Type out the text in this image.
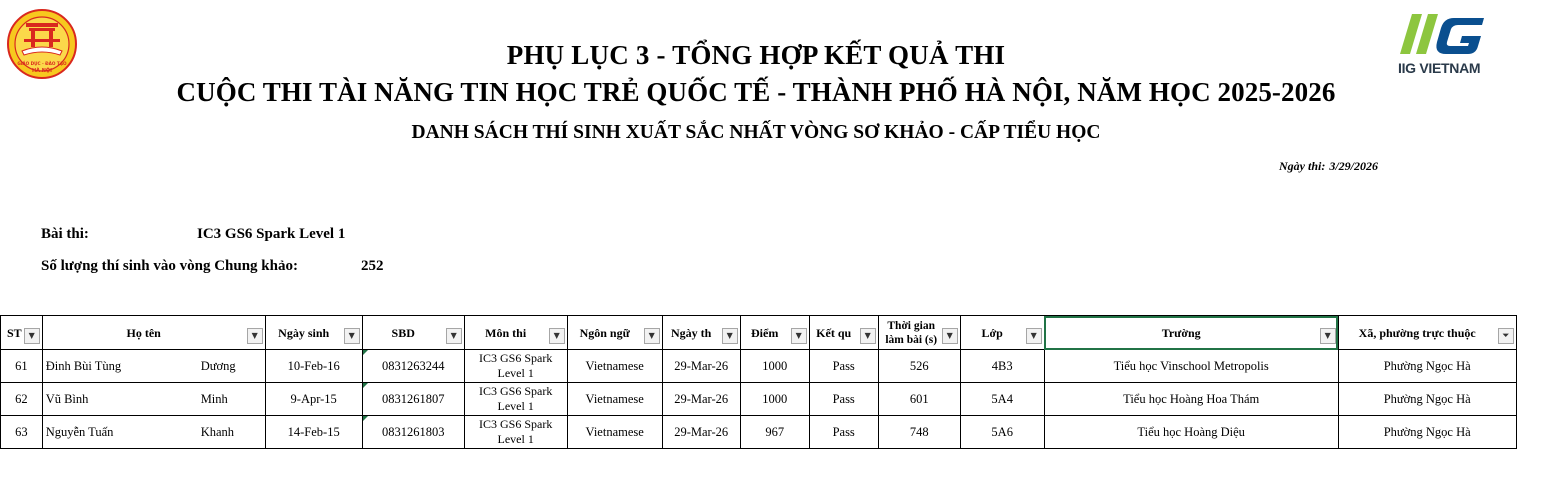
GIÁO DỤC · ĐÀO TẠO
HÀ NỘI	IIG VIETNAM
PHỤ LỤC 3 - TỔNG HỢP KẾT QUẢ THI
CUỘC THI TÀI NĂNG TIN HỌC TRẺ QUỐC TẾ - THÀNH PHỐ HÀ NỘI, NĂM HỌC 2025-2026
DANH SÁCH THÍ SINH XUẤT SẮC NHẤT VÒNG SƠ KHẢO - CẤP TIỂU HỌC
Ngày thi: 3/29/2026
Bài thi:	IC3 GS6 Spark Level 1
Số lượng thí sinh vào vòng Chung khảo:	252
ST ▼	Họ tên ▼	Ngày sinh ▼	SBD ▼	Môn thi ▼	Ngôn ngữ ▼	Ngày th ▼	Điểm ▼	Kết qu ▼	Thời gian làm bài (s) ▼	Lớp ▼	Trường ▼	Xã, phường trực thuộc ⏷

61	Đinh Bùi Tùng Dương	10-Feb-16	0831263244	IC3 GS6 Spark Level 1	Vietnamese	29-Mar-26	1000	Pass	526	4B3	Tiểu học Vinschool Metropolis	Phường Ngọc Hà
62	Vũ Bình Minh	9-Apr-15	0831261807	IC3 GS6 Spark Level 1	Vietnamese	29-Mar-26	1000	Pass	601	5A4	Tiểu học Hoàng Hoa Thám	Phường Ngọc Hà
63	Nguyễn Tuấn Khanh	14-Feb-15	0831261803	IC3 GS6 Spark Level 1	Vietnamese	29-Mar-26	967	Pass	748	5A6	Tiểu học Hoàng Diệu	Phường Ngọc Hà
